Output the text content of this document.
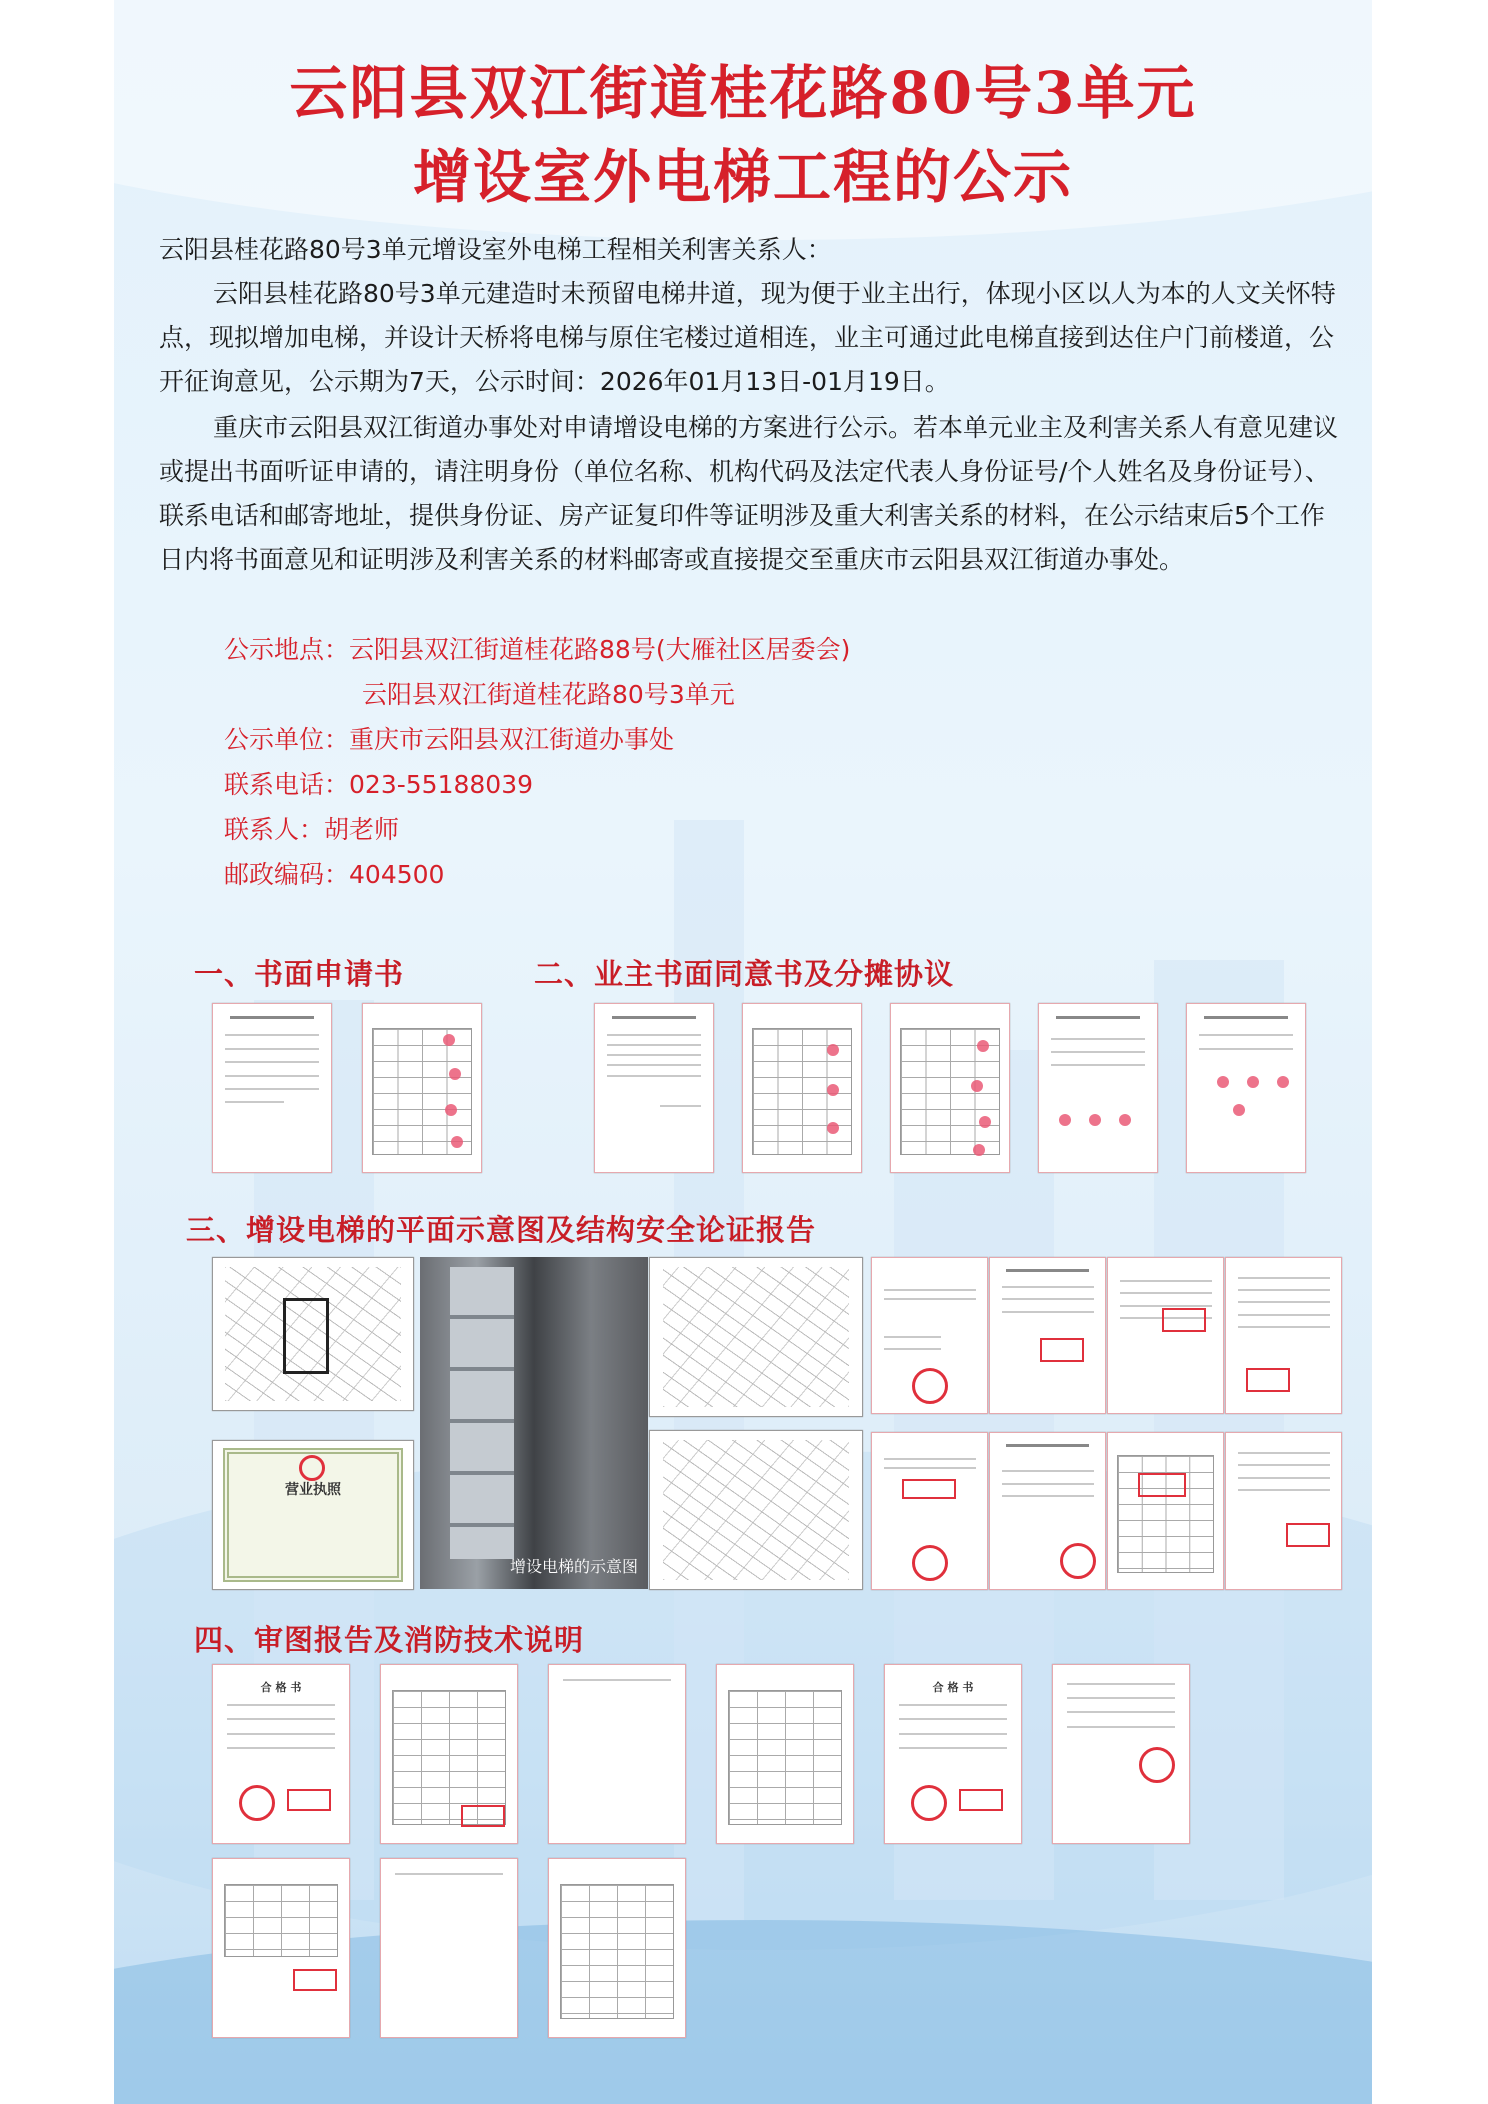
云阳县双江街道桂花路80号3单元
增设室外电梯工程的公示
云阳县桂花路80号3单元增设室外电梯工程相关利害关系人：
云阳县桂花路80号3单元建造时未预留电梯井道，现为便于业主出行，体现小区以人为本的人文关怀特点，现拟增加电梯，并设计天桥将电梯与原住宅楼过道相连，业主可通过此电梯直接到达住户门前楼道，公开征询意见，公示期为7天，公示时间：2026年01月13日-01月19日。
重庆市云阳县双江街道办事处对申请增设电梯的方案进行公示。若本单元业主及利害关系人有意见建议或提出书面听证申请的，请注明身份（单位名称、机构代码及法定代表人身份证号/个人姓名及身份证号）、联系电话和邮寄地址，提供身份证、房产证复印件等证明涉及重大利害关系的材料，在公示结束后5个工作日内将书面意见和证明涉及利害关系的材料邮寄或直接提交至重庆市云阳县双江街道办事处。
公示地点：云阳县双江街道桂花路88号(大雁社区居委会)
云阳县双江街道桂花路80号3单元
公示单位：重庆市云阳县双江街道办事处
联系电话：023-55188039
联系人：胡老师
邮政编码：404500
一、书面申请书	二、业主书面同意书及分摊协议
三、增设电梯的平面示意图及结构安全论证报告
营业执照
增设电梯的示意图
四、审图报告及消防技术说明
合 格 书	合 格 书
